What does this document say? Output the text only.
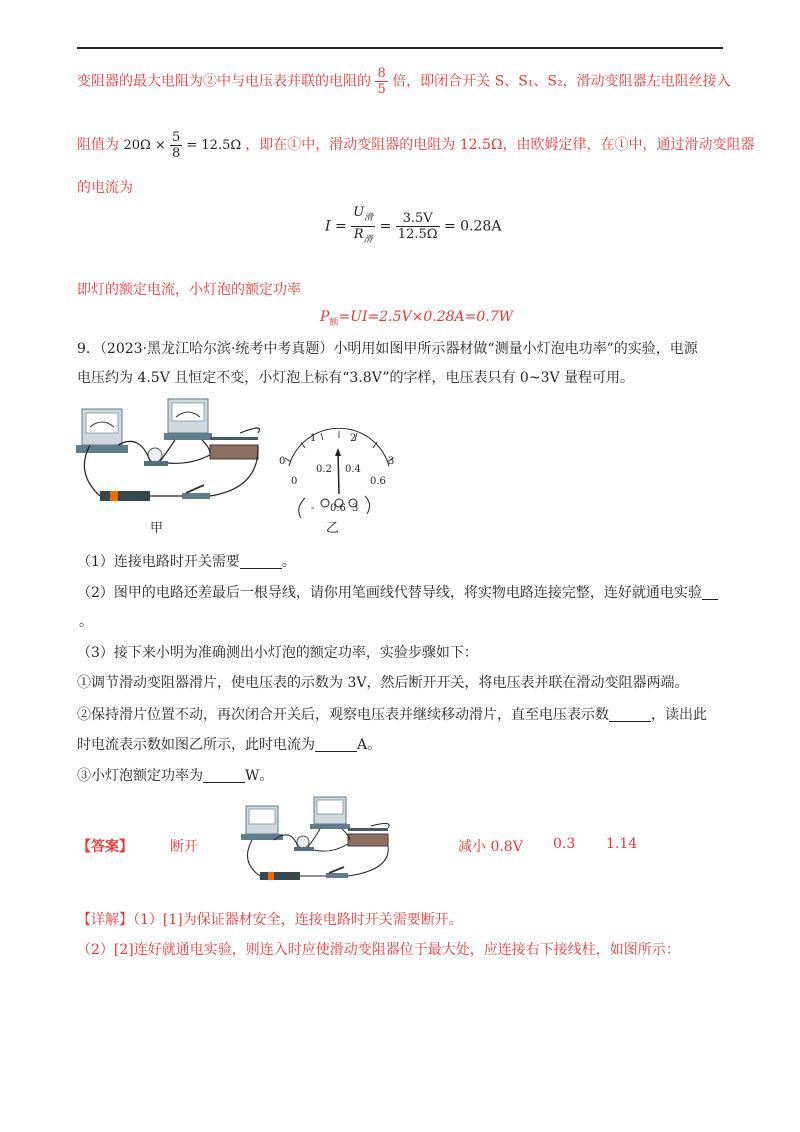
变阻器的最大电阻为②中与电压表并联的电阻的 $\frac{8}{5}$ 倍，即闭合开关 S、S₁、S₂，滑动变阻器左电阻丝接入
阻值为 $20\Omega \times \frac{5}{8} = 12.5\Omega$ ，即在①中，滑动变阻器的电阻为 12.5Ω，由欧姆定律，在①中，通过滑动变阻器
的电流为
$I = \frac{U_滑}{R_滑} = \frac{3.5V}{12.5\Omega} = 0.28A$
即灯的额定电流，小灯泡的额定功率
$P_额=UI=2.5V\times 0.28A=0.7W$
9．（2023·黑龙江哈尔滨·统考中考真题）小明用如图甲所示器材做“测量小灯泡电功率”的实验，电源
电压约为 4.5V 且恒定不变，小灯泡上标有“3.8V”的字样，电压表只有 0~3V 量程可用。
甲
1	2
0	3
0
0.2 0.4
0.6
- 0.6 3
乙
（1）连接电路时开关需要	。
（2）图甲的电路还差最后一根导线，请你用笔画线代替导线，将实物电路连接完整，连好就通电实验
。
（3）接下来小明为准确测出小灯泡的额定功率，实验步骤如下：
①调节滑动变阻器滑片，使电压表的示数为 3V，然后断开开关，将电压表并联在滑动变阻器两端。
②保持滑片位置不动，再次闭合开关后，观察电压表并继续移动滑片，直至电压表示数	，读出此
时电流表示数如图乙所示，此时电流为	A。
③小灯泡额定功率为	W。
【答案】	断开	减小 0.8V 0.3 1.14
【详解】（1）[1]为保证器材安全，连接电路时开关需要断开。
（2）[2]连好就通电实验，则连入时应使滑动变阻器位于最大处，应连接右下接线柱，如图所示：
